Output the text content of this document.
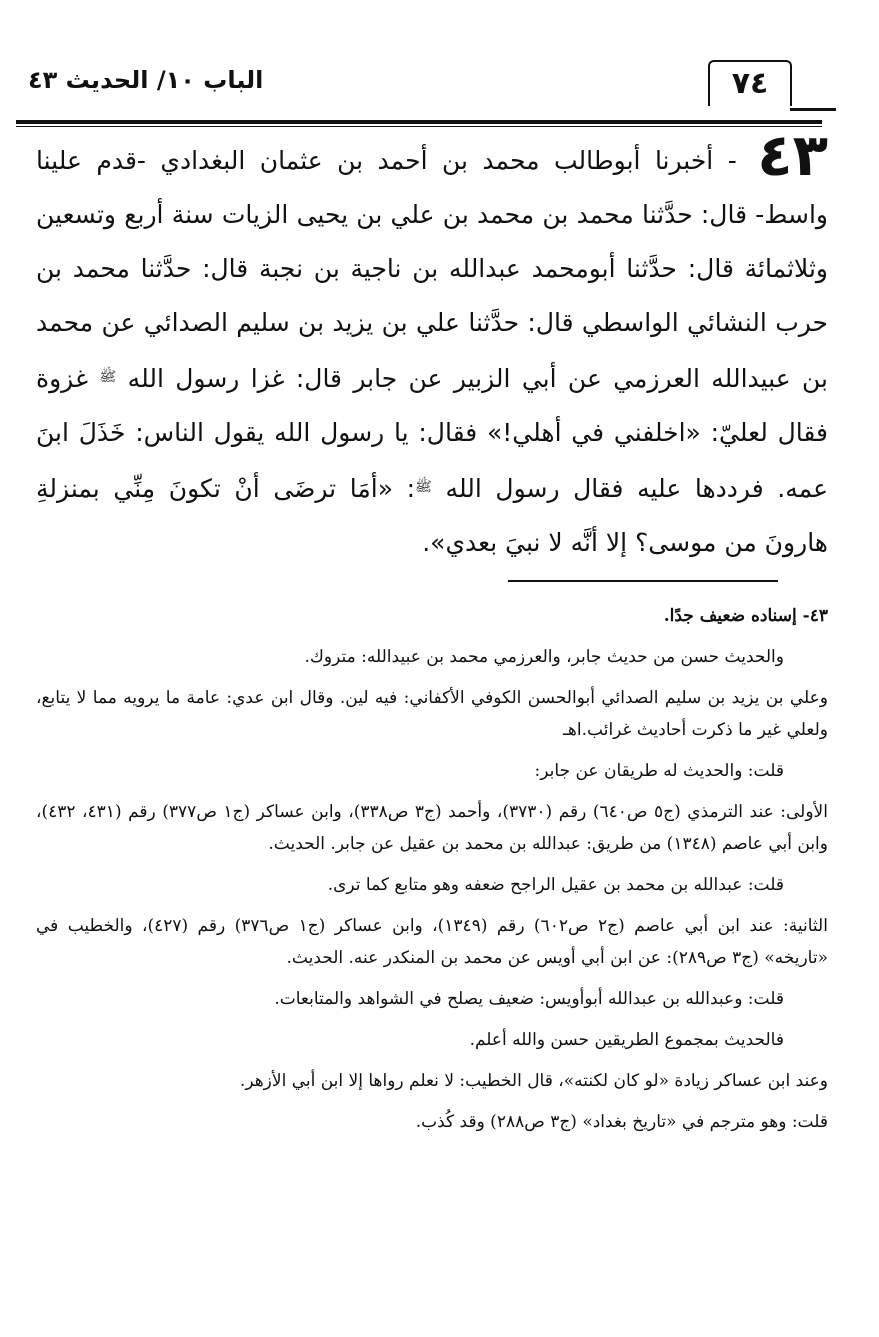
٧٤
الباب ١٠/ الحديث ٤٣
٤٣ - أخبرنا أبوطالب محمد بن أحمد بن عثمان البغدادي -قدم علينا واسط- قال: حدَّثنا محمد بن محمد بن علي بن يحيى الزيات سنة أربع وتسعين وثلاثمائة قال: حدَّثنا أبومحمد عبدالله بن ناجية بن نجبة قال: حدَّثنا محمد بن حرب النشائي الواسطي قال: حدَّثنا علي بن يزيد بن سليم الصدائي عن محمد بن عبيدالله العرزمي عن أبي الزبير عن جابر قال: غزا رسول الله $^ﷺ$ غزوة فقال لعليّ: «اخلفني في أهلي!» فقال: يا رسول الله يقول الناس: خَذَلَ ابنَ عمه. فرددها عليه فقال رسول الله $^ﷺ$: «أمَا ترضَى أنْ تكونَ مِنِّي بمنزلةِ هارونَ من موسى؟ إلا أنَّه لا نبيَ بعدي».

٤٣- إسناده ضعيف جدًا.

والحديث حسن من حديث جابر، والعرزمي محمد بن عبيدالله: متروك.

وعلي بن يزيد بن سليم الصدائي أبوالحسن الكوفي الأكفاني: فيه لين. وقال ابن عدي: عامة ما يرويه مما لا يتابع، ولعلي غير ما ذكرت أحاديث غرائب.اهـ

قلت: والحديث له طريقان عن جابر:

الأولى: عند الترمذي (ج٥ ص٦٤٠) رقم (٣٧٣٠)، وأحمد (ج٣ ص٣٣٨)، وابن عساكر (ج١ ص٣٧٧) رقم (٤٣١، ٤٣٢)، وابن أبي عاصم (١٣٤٨) من طريق: عبدالله بن محمد بن عقيل عن جابر. الحديث.

قلت: عبدالله بن محمد بن عقيل الراجح ضعفه وهو متابع كما ترى.

الثانية: عند ابن أبي عاصم (ج٢ ص٦٠٢) رقم (١٣٤٩)، وابن عساكر (ج١ ص٣٧٦) رقم (٤٢٧)، والخطيب في «تاريخه» (ج٣ ص٢٨٩): عن ابن أبي أويس عن محمد بن المنكدر عنه. الحديث.

قلت: وعبدالله بن عبدالله أبوأويس: ضعيف يصلح في الشواهد والمتابعات.

فالحديث بمجموع الطريقين حسن والله أعلم.

وعند ابن عساكر زيادة «لو كان لكنته»، قال الخطيب: لا نعلم رواها إلا ابن أبي الأزهر.

قلت: وهو مترجم في «تاريخ بغداد» (ج٣ ص٢٨٨) وقد كُذب.
